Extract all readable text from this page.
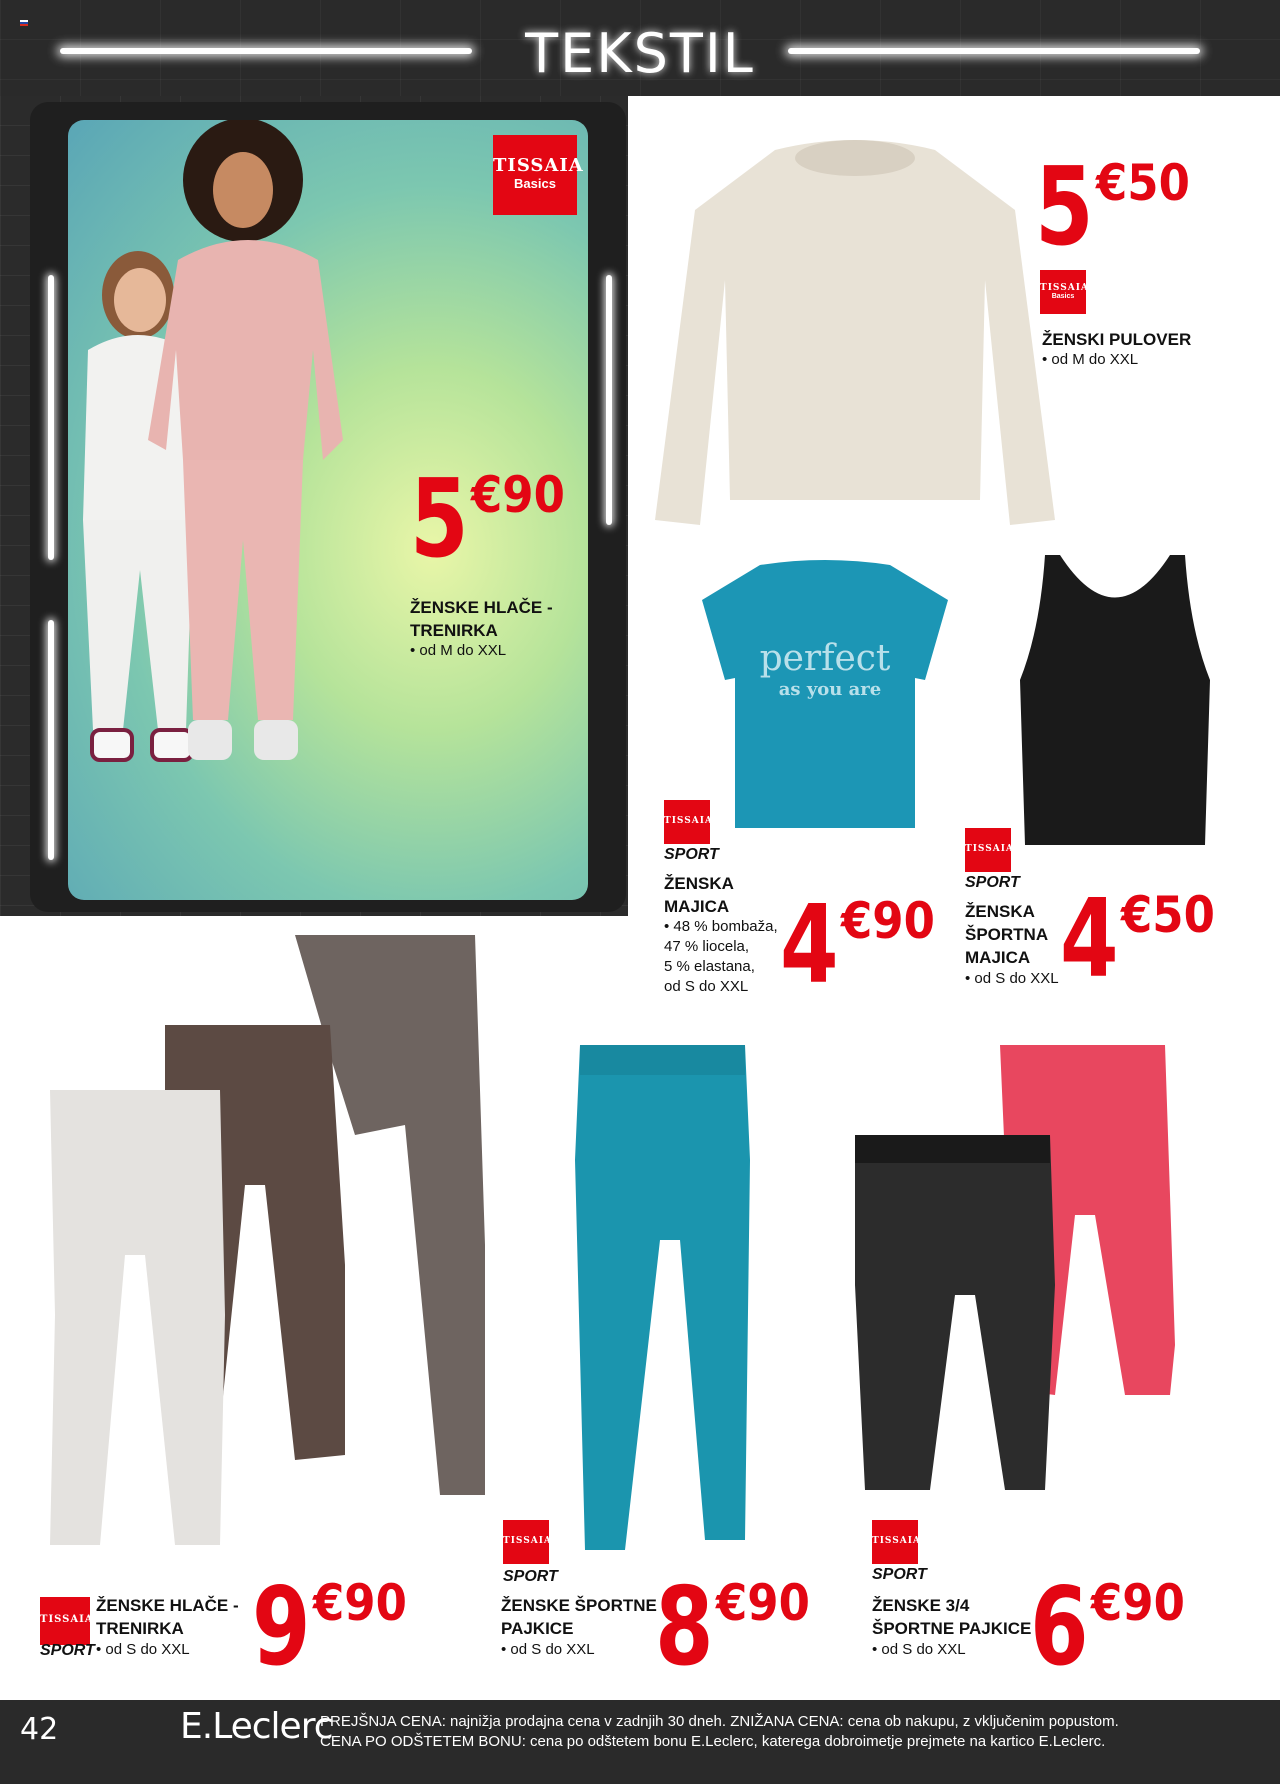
TEKSTIL
TISSAIA
Basics
5€90
ŽENSKE HLAČE -
TRENIRKA
• od M do XXL
5€50
TISSAIA
Basics
ŽENSKI PULOVER
• od M do XXL
perfect
as you are
TISSAIA
SPORT
ŽENSKA
MAJICA
• 48 % bombaža,
47 % liocela,
5 % elastana,
od S do XXL 4€90
TISSAIA
SPORT
ŽENSKA
ŠPORTNA
MAJICA
• od S do XXL 4€50
TISSAIA
SPORT
ŽENSKE HLAČE -
TRENIRKA
• od S do XXL 9€90
TISSAIA
SPORT
ŽENSKE ŠPORTNE
PAJKICE
• od S do XXL 8€90
TISSAIA
SPORT
ŽENSKE 3/4
ŠPORTNE PAJKICE
• od S do XXL 6€90
42	E.Leclerc
PREJŠNJA CENA: najnižja prodajna cena v zadnjih 30 dneh. ZNIŽANA CENA: cena ob nakupu, z vključenim popustom.
CENA PO ODŠTETEM BONU: cena po odštetem bonu E.Leclerc, katerega dobroimetje prejmete na kartico E.Leclerc.
